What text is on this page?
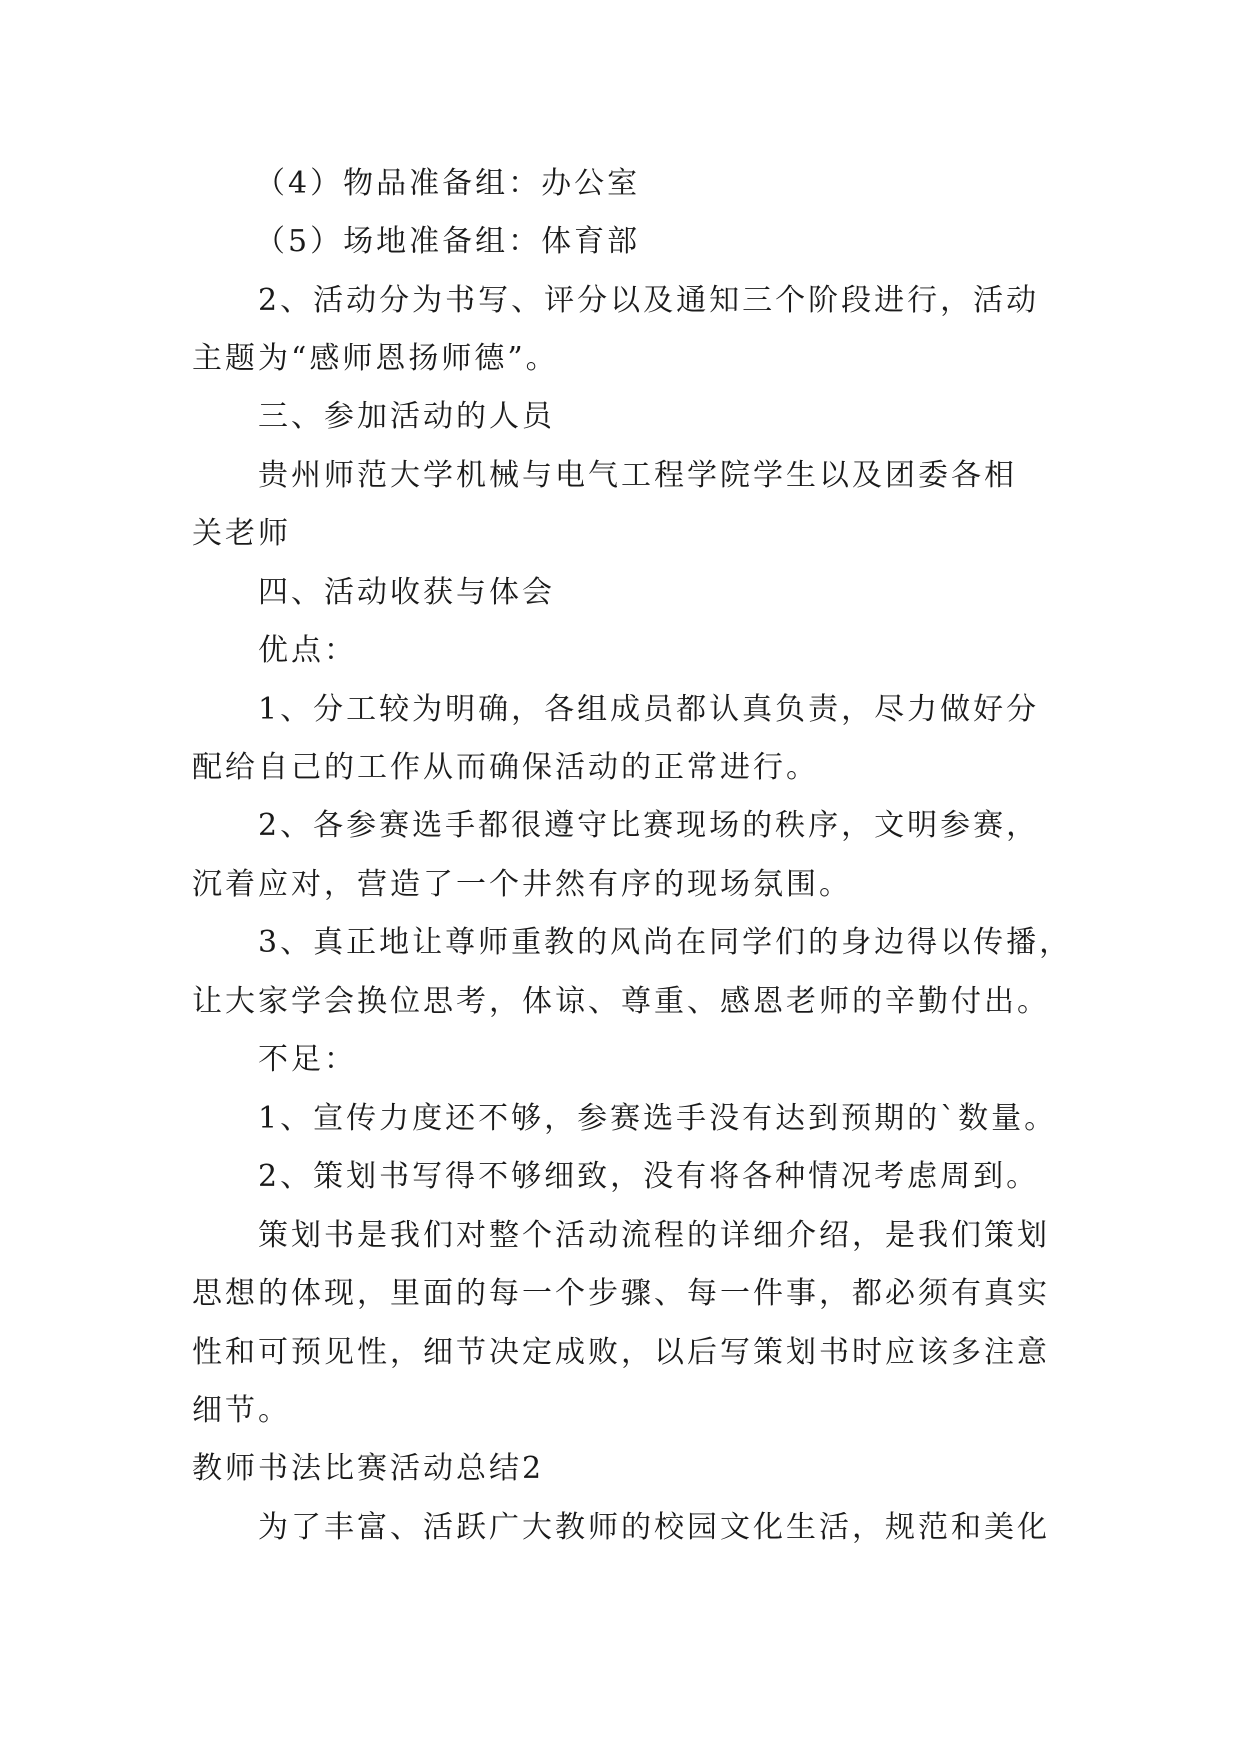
（4）物品准备组：办公室
（5）场地准备组：体育部
2、活动分为书写、评分以及通知三个阶段进行，活动
主题为“感师恩扬师德”。
三、参加活动的人员
贵州师范大学机械与电气工程学院学生以及团委各相
关老师
四、活动收获与体会
优点：
1、分工较为明确，各组成员都认真负责，尽力做好分
配给自己的工作从而确保活动的正常进行。
2、各参赛选手都很遵守比赛现场的秩序，文明参赛，
沉着应对，营造了一个井然有序的现场氛围。
3、真正地让尊师重教的风尚在同学们的身边得以传播，
让大家学会换位思考，体谅、尊重、感恩老师的辛勤付出。
不足：
1、宣传力度还不够，参赛选手没有达到预期的`数量。
2、策划书写得不够细致，没有将各种情况考虑周到。
策划书是我们对整个活动流程的详细介绍，是我们策划
思想的体现，里面的每一个步骤、每一件事，都必须有真实
性和可预见性，细节决定成败，以后写策划书时应该多注意
细节。
教师书法比赛活动总结2
为了丰富、活跃广大教师的校园文化生活，规范和美化
